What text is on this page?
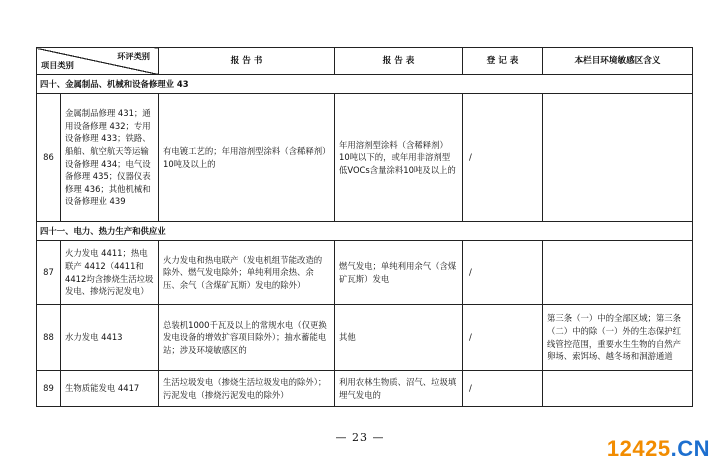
环评类别
项目类别		报 告 书	报 告 表	登 记 表	本栏目环境敏感区含义
四十、金属制品、机械和设备修理业 43					
86	金属制品修理 431；通用设备修理 432；专用设备修理 433；铁路、船舶、航空航天等运输设备修理 434；电气设备修理 435；仪器仪表修理 436；其他机械和设备修理业 439	有电镀工艺的；年用溶剂型涂料（含稀释剂）10吨及以上的	年用溶剂型涂料（含稀释剂）10吨以下的，或年用非溶剂型低VOCs含量涂料10吨及以上的	/	
四十一、电力、热力生产和供应业					
87	火力发电 4411；热电联产 4412（4411和4412均含掺烧生活垃圾发电、掺烧污泥发电）	火力发电和热电联产（发电机组节能改造的除外、燃气发电除外；单纯利用余热、余压、余气（含煤矿瓦斯）发电的除外）	燃气发电；单纯利用余气（含煤矿瓦斯）发电	/	
88	水力发电 4413	总装机1000千瓦及以上的常规水电（仅更换发电设备的增效扩容项目除外）；抽水蓄能电站；涉及环境敏感区的	其他	/	第三条（一）中的全部区域；第三条（二）中的除（一）外的生态保护红线管控范围，重要水生生物的自然产卵场、索饵场、越冬场和洄游通道
89	生物质能发电 4417	生活垃圾发电（掺烧生活垃圾发电的除外）；污泥发电（掺烧污泥发电的除外）	利用农林生物质、沼气、垃圾填埋气发电的	/	
— 23 —	12425.CN
